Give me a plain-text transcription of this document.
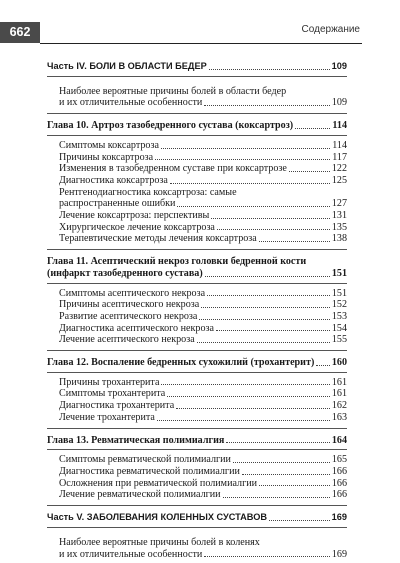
662	Содержание
Часть IV. БОЛИ В ОБЛАСТИ БЕДЕР	109
Наиболее вероятные причины болей в области бедер
и их отличительные особенности	109
Глава 10. Артроз тазобедренного сустава (коксартроз)	114
Симптомы коксартроза	114
Причины коксартроза	117
Изменения в тазобедренном суставе при коксартрозе	122
Диагностика коксартроза	125
Рентгенодиагностика коксартроза: самые
распространенные ошибки	127
Лечение коксартроза: перспективы	131
Хирургическое лечение коксартроза	135
Терапевтические методы лечения коксартроза	138
Глава 11. Асептический некроз головки бедренной кости
(инфаркт тазобедренного сустава)	151
Симптомы асептического некроза	151
Причины асептического некроза	152
Развитие асептического некроза	153
Диагностика асептического некроза	154
Лечение асептического некроза	155
Глава 12. Воспаление бедренных сухожилий (трохантерит) 160
Причины трохантерита	161
Симптомы трохантерита	161
Диагностика трохантерита	162
Лечение трохантерита	163
Глава 13. Ревматическая полимиалгия	164
Симптомы ревматической полимиалгии	165
Диагностика ревматической полимиалгии	166
Осложнения при ревматической полимиалгии	166
Лечение ревматической полимиалгии	166
Часть V. ЗАБОЛЕВАНИЯ КОЛЕННЫХ СУСТАВОВ	169
Наиболее вероятные причины болей в коленях
и их отличительные особенности	169
